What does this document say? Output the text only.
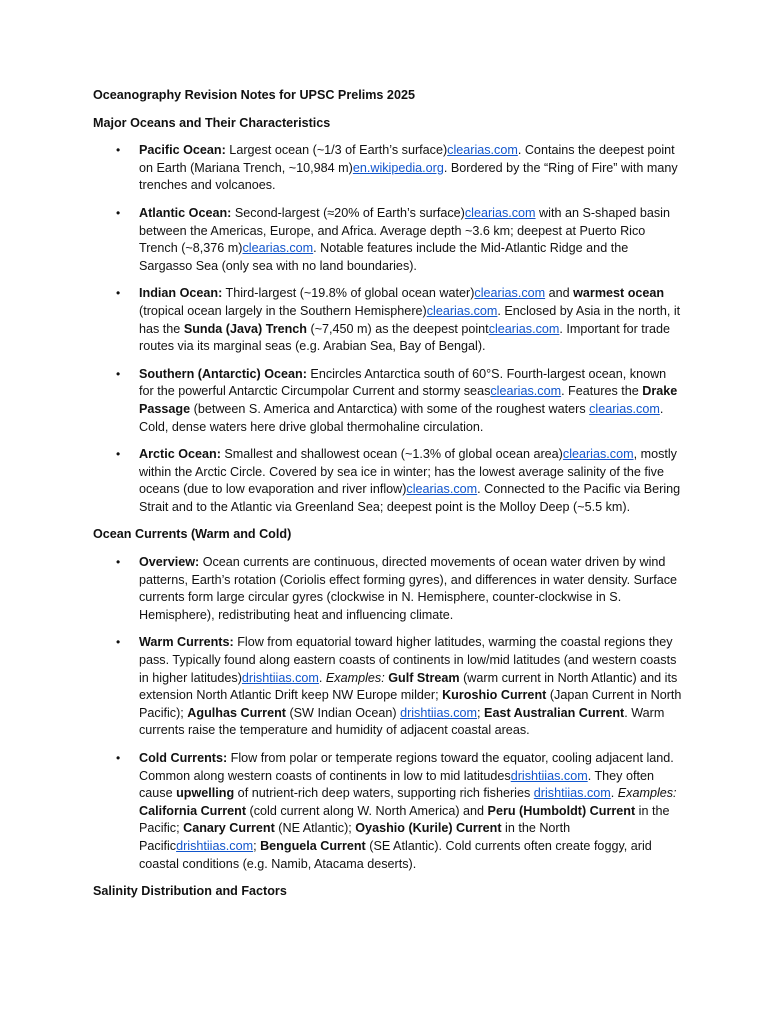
Oceanography Revision Notes for UPSC Prelims 2025

Major Oceans and Their Characteristics

• Pacific Ocean: Largest ocean (~1/3 of Earth’s surface)clearias.com. Contains the deepest point on Earth (Mariana Trench, ~10,984 m)en.wikipedia.org. Bordered by the “Ring of Fire” with many trenches and volcanoes.
• Atlantic Ocean: Second-largest (≈20% of Earth’s surface)clearias.com with an S-shaped basin between the Americas, Europe, and Africa. Average depth ~3.6 km; deepest at Puerto Rico Trench (~8,376 m)clearias.com. Notable features include the Mid-Atlantic Ridge and the Sargasso Sea (only sea with no land boundaries).
• Indian Ocean: Third-largest (~19.8% of global ocean water)clearias.com and warmest ocean (tropical ocean largely in the Southern Hemisphere)clearias.com. Enclosed by Asia in the north, it has the Sunda (Java) Trench (~7,450 m) as the deepest pointclearias.com. Important for trade routes via its marginal seas (e.g. Arabian Sea, Bay of Bengal).
• Southern (Antarctic) Ocean: Encircles Antarctica south of 60°S. Fourth-largest ocean, known for the powerful Antarctic Circumpolar Current and stormy seasclearias.com. Features the Drake Passage (between S. America and Antarctica) with some of the roughest waters clearias.com. Cold, dense waters here drive global thermohaline circulation.
• Arctic Ocean: Smallest and shallowest ocean (~1.3% of global ocean area)clearias.com, mostly within the Arctic Circle. Covered by sea ice in winter; has the lowest average salinity of the five oceans (due to low evaporation and river inflow)clearias.com. Connected to the Pacific via Bering Strait and to the Atlantic via Greenland Sea; deepest point is the Molloy Deep (~5.5 km).

Ocean Currents (Warm and Cold)

• Overview: Ocean currents are continuous, directed movements of ocean water driven by wind patterns, Earth’s rotation (Coriolis effect forming gyres), and differences in water density. Surface currents form large circular gyres (clockwise in N. Hemisphere, counter-clockwise in S. Hemisphere), redistributing heat and influencing climate.
• Warm Currents: Flow from equatorial toward higher latitudes, warming the coastal regions they pass. Typically found along eastern coasts of continents in low/mid latitudes (and western coasts in higher latitudes)drishtiias.com. Examples: Gulf Stream (warm current in North Atlantic) and its extension North Atlantic Drift keep NW Europe milder; Kuroshio Current (Japan Current in North Pacific); Agulhas Current (SW Indian Ocean) drishtiias.com; East Australian Current. Warm currents raise the temperature and humidity of adjacent coastal areas.
• Cold Currents: Flow from polar or temperate regions toward the equator, cooling adjacent land. Common along western coasts of continents in low to mid latitudesdrishtiias.com. They often cause upwelling of nutrient-rich deep waters, supporting rich fisheries drishtiias.com. Examples: California Current (cold current along W. North America) and Peru (Humboldt) Current in the Pacific; Canary Current (NE Atlantic); Oyashio (Kurile) Current in the North Pacificdrishtiias.com; Benguela Current (SE Atlantic). Cold currents often create foggy, arid coastal conditions (e.g. Namib, Atacama deserts).

Salinity Distribution and Factors
